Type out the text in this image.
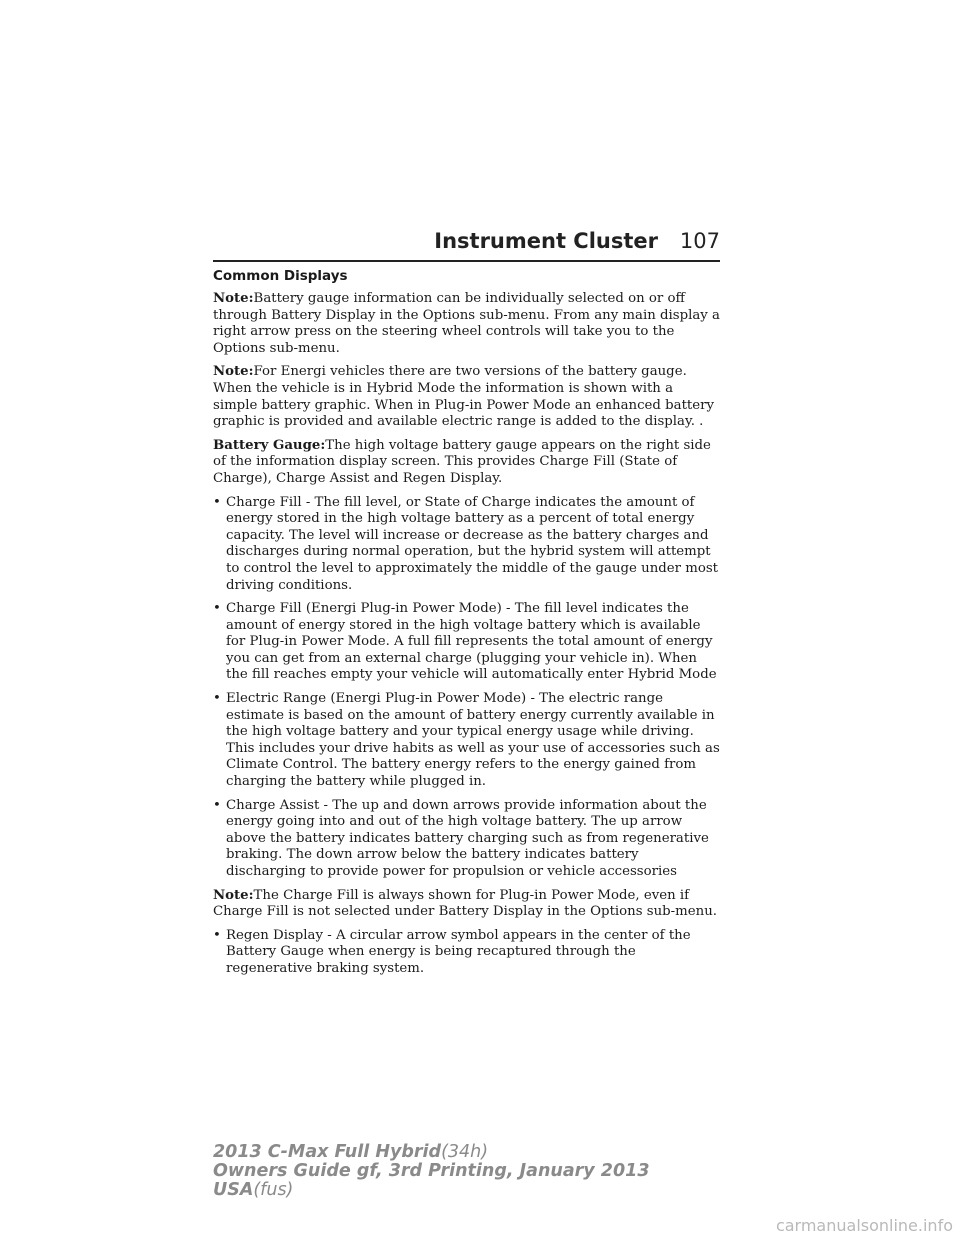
Instrument Cluster 107

Common Displays

Note:Battery gauge information can be individually selected on or off through Battery Display in the Options sub-menu. From any main display a right arrow press on the steering wheel controls will take you to the Options sub-menu.

Note:For Energi vehicles there are two versions of the battery gauge. When the vehicle is in Hybrid Mode the information is shown with a simple battery graphic. When in Plug-in Power Mode an enhanced battery graphic is provided and available electric range is added to the display. .

Battery Gauge:The high voltage battery gauge appears on the right side of the information display screen. This provides Charge Fill (State of Charge), Charge Assist and Regen Display.

• Charge Fill - The fill level, or State of Charge indicates the amount of energy stored in the high voltage battery as a percent of total energy capacity. The level will increase or decrease as the battery charges and discharges during normal operation, but the hybrid system will attempt to control the level to approximately the middle of the gauge under most driving conditions.
• Charge Fill (Energi Plug-in Power Mode) - The fill level indicates the amount of energy stored in the high voltage battery which is available for Plug-in Power Mode. A full fill represents the total amount of energy you can get from an external charge (plugging your vehicle in). When the fill reaches empty your vehicle will automatically enter Hybrid Mode
• Electric Range (Energi Plug-in Power Mode) - The electric range estimate is based on the amount of battery energy currently available in the high voltage battery and your typical energy usage while driving. This includes your drive habits as well as your use of accessories such as Climate Control. The battery energy refers to the energy gained from charging the battery while plugged in.
• Charge Assist - The up and down arrows provide information about the energy going into and out of the high voltage battery. The up arrow above the battery indicates battery charging such as from regenerative braking. The down arrow below the battery indicates battery discharging to provide power for propulsion or vehicle accessories

Note:The Charge Fill is always shown for Plug-in Power Mode, even if Charge Fill is not selected under Battery Display in the Options sub-menu.

• Regen Display - A circular arrow symbol appears in the center of the Battery Gauge when energy is being recaptured through the regenerative braking system.
2013 C-Max Full Hybrid(34h)
Owners Guide gf, 3rd Printing, January 2013
USA(fus)
carmanualsonline.info
